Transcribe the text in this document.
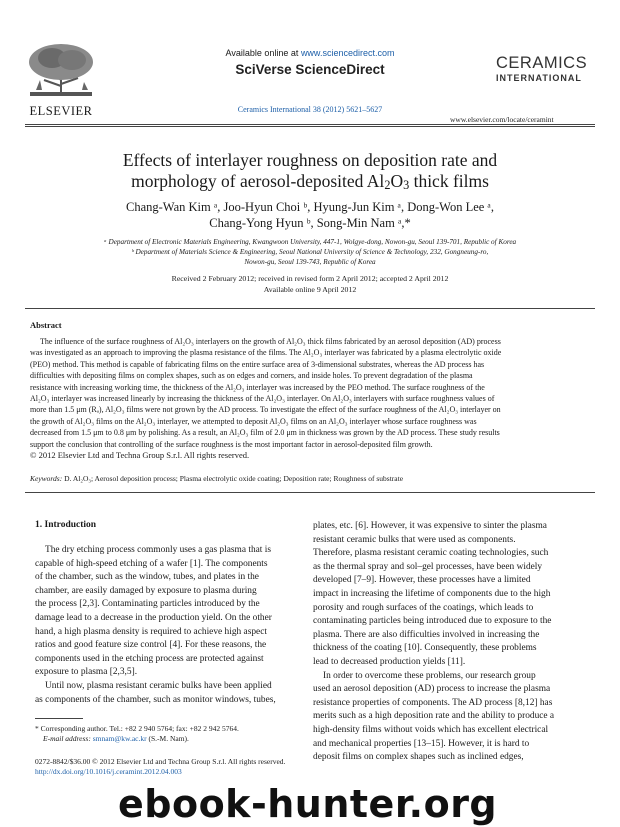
ELSEVIER
Available online at www.sciencedirect.com
SciVerse ScienceDirect
Ceramics International 38 (2012) 5621–5627
CERAMICS
INTERNATIONAL
www.elsevier.com/locate/ceramint
Effects of interlayer roughness on deposition rate and
morphology of aerosol-deposited $Al_2O_3$ thick films
Chang-Wan Kim ᵃ, Joo-Hyun Choi ᵇ, Hyung-Jun Kim ᵃ, Dong-Won Lee ᵃ,
Chang-Yong Hyun ᵇ, Song-Min Nam ᵃ,*
ᵃ Department of Electronic Materials Engineering, Kwangwoon University, 447-1, Wolgye-dong, Nowon-gu, Seoul 139-701, Republic of Korea
ᵇ Department of Materials Science & Engineering, Seoul National University of Science & Technology, 232, Gongneung-ro,
Nowon-gu, Seoul 139-743, Republic of Korea
Received 2 February 2012; received in revised form 2 April 2012; accepted 2 April 2012
Available online 9 April 2012
Abstract
The influence of the surface roughness of Al₂O₃ interlayers on the growth of Al₂O₃ thick films fabricated by an aerosol deposition (AD) process
was investigated as an approach to improving the plasma resistance of the films. The Al₂O₃ interlayer was fabricated by a plasma electrolytic oxide
(PEO) method. This method is capable of fabricating films on the entire surface area of 3-dimensional substrates, whereas the AD process has
difficulties with depositing films on complex shapes, such as on edges and corners, and inside holes. To prevent degradation of the plasma
resistance with increasing working time, the thickness of the Al₂O₃ interlayer was increased by the PEO method. The surface roughness of the
Al₂O₃ interlayer was increased linearly by increasing the thickness of the Al₂O₃ interlayer. On Al₂O₃ interlayers with surface roughness values of
more than 1.5 μm (Rₐ), Al₂O₃ films were not grown by the AD process. To investigate the effect of the surface roughness of the Al₂O₃ interlayer on
the growth of Al₂O₃ films on the Al₂O₃ interlayer, we attempted to deposit Al₂O₃ films on an Al₂O₃ interlayer whose surface roughness was
decreased from 1.5 μm to 0.8 μm by polishing. As a result, an Al₂O₃ film of 2.0 μm in thickness was grown by the AD process. These study results
support the conclusion that controlling of the surface roughness is the most important factor in aerosol-deposited film growth.
© 2012 Elsevier Ltd and Techna Group S.r.l. All rights reserved.
Keywords: D. Al₂O₃; Aerosol deposition process; Plasma electrolytic oxide coating; Deposition rate; Roughness of substrate
1. Introduction
The dry etching process commonly uses a gas plasma that is
capable of high-speed etching of a wafer [1]. The components
of the chamber, such as the window, tubes, and plates in the
chamber, are easily damaged by exposure to plasma during
the process [2,3]. Contaminating particles introduced by the
damage lead to a decrease in the production yield. On the other
hand, a high plasma density is required to achieve high aspect
ratios and good feature size control [4]. For these reasons, the
components used in the etching process are protected against
exposure to plasma [2,3,5].
Until now, plasma resistant ceramic bulks have been applied
as components of the chamber, such as monitor windows, tubes,
plates, etc. [6]. However, it was expensive to sinter the plasma
resistant ceramic bulks that were used as components.
Therefore, plasma resistant ceramic coating technologies, such
as the thermal spray and sol–gel processes, have been widely
developed [7–9]. However, these processes have a limited
impact in increasing the lifetime of components due to the high
porosity and rough surfaces of the coatings, which leads to
contaminating particles being introduced due to exposure to the
plasma. There are also difficulties involved in increasing the
thickness of the coating [10]. Consequently, these problems
lead to decreased production yields [11].
In order to overcome these problems, our research group
used an aerosol deposition (AD) process to increase the plasma
resistance properties of components. The AD process [8,12] has
merits such as a high deposition rate and the ability to produce a
high-density films without voids which has excellent electrical
and mechanical properties [13–15]. However, it is hard to
deposit films on complex shapes such as inclined edges,
* Corresponding author. Tel.: +82 2 940 5764; fax: +82 2 942 5764.
E-mail address: smnam@kw.ac.kr (S.-M. Nam).
0272-8842/$36.00 © 2012 Elsevier Ltd and Techna Group S.r.l. All rights reserved.
http://dx.doi.org/10.1016/j.ceramint.2012.04.003
ebook-hunter.org
